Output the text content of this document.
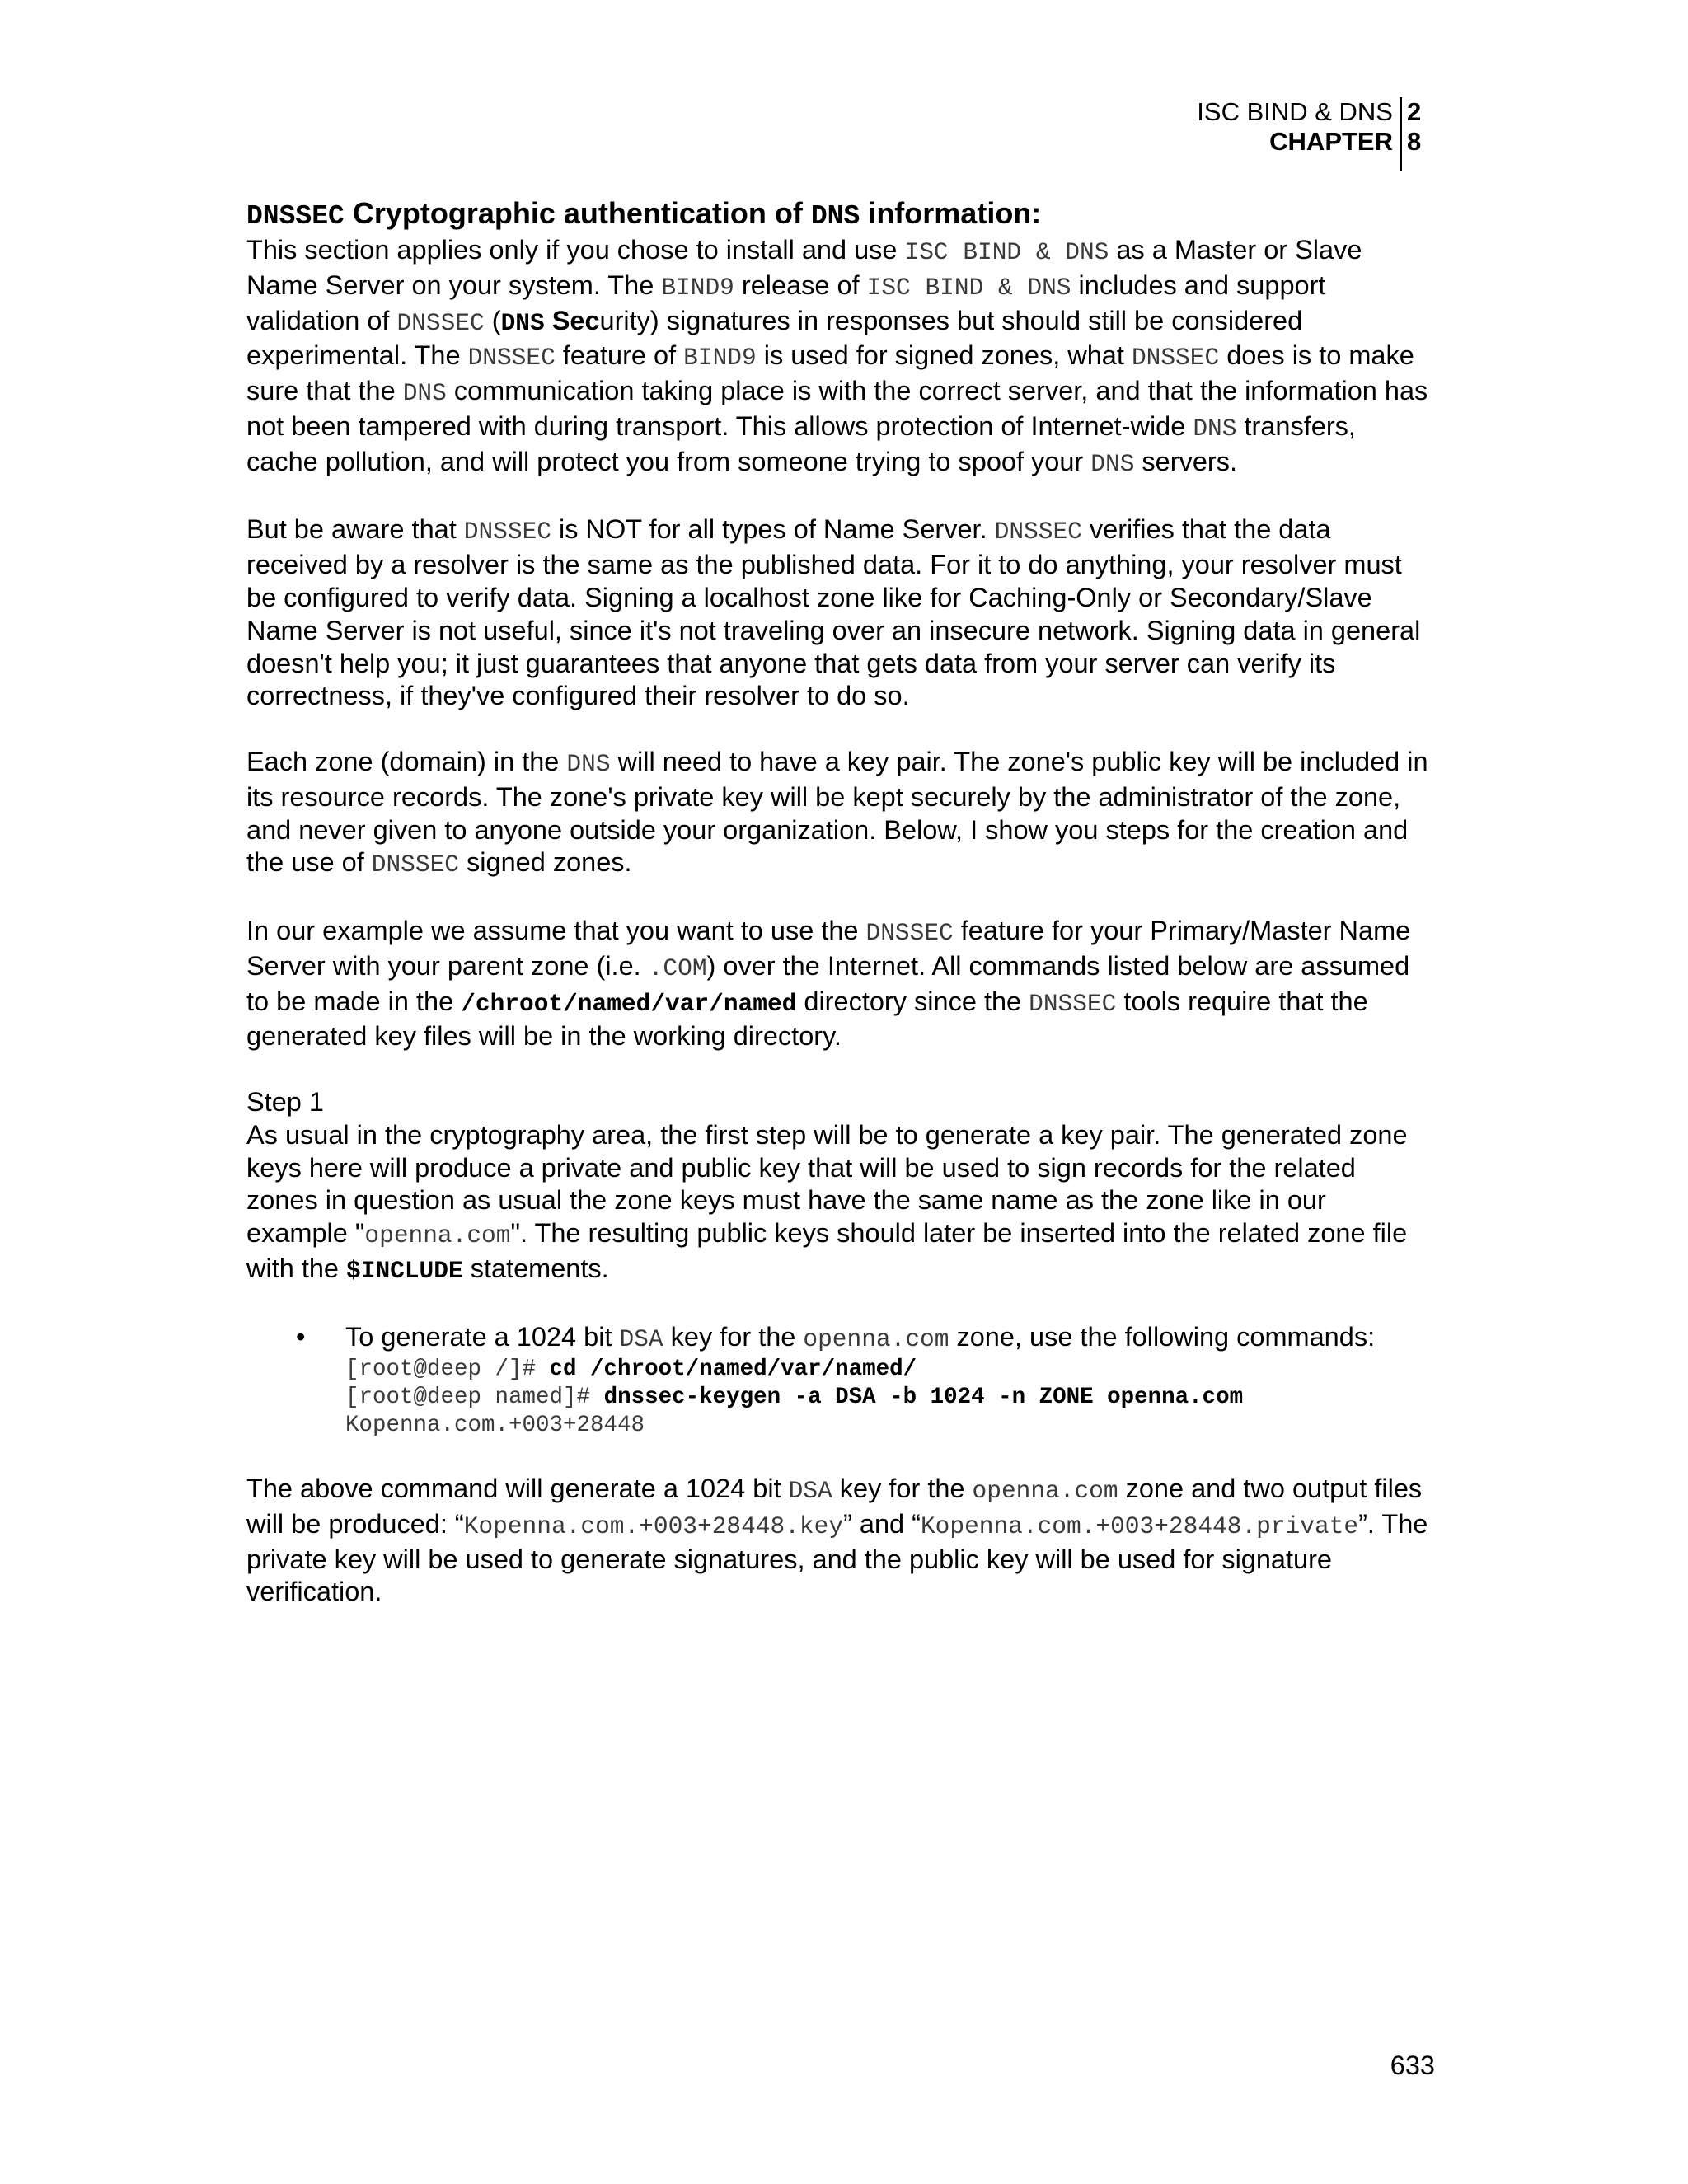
ISC BIND & DNS 2
CHAPTER 8
DNSSEC Cryptographic authentication of DNS information:

This section applies only if you chose to install and use ISC BIND & DNS as a Master or Slave Name Server on your system. The BIND9 release of ISC BIND & DNS includes and support validation of DNSSEC (DNS Security) signatures in responses but should still be considered experimental. The DNSSEC feature of BIND9 is used for signed zones, what DNSSEC does is to make sure that the DNS communication taking place is with the correct server, and that the information has not been tampered with during transport. This allows protection of Internet-wide DNS transfers, cache pollution, and will protect you from someone trying to spoof your DNS servers.

But be aware that DNSSEC is NOT for all types of Name Server. DNSSEC verifies that the data received by a resolver is the same as the published data. For it to do anything, your resolver must be configured to verify data. Signing a localhost zone like for Caching-Only or Secondary/Slave Name Server is not useful, since it's not traveling over an insecure network. Signing data in general doesn't help you; it just guarantees that anyone that gets data from your server can verify its correctness, if they've configured their resolver to do so.

Each zone (domain) in the DNS will need to have a key pair. The zone's public key will be included in its resource records. The zone's private key will be kept securely by the administrator of the zone, and never given to anyone outside your organization. Below, I show you steps for the creation and the use of DNSSEC signed zones.

In our example we assume that you want to use the DNSSEC feature for your Primary/Master Name Server with your parent zone (i.e. .COM) over the Internet. All commands listed below are assumed to be made in the /chroot/named/var/named directory since the DNSSEC tools require that the generated key files will be in the working directory.

Step 1
As usual in the cryptography area, the first step will be to generate a key pair. The generated zone keys here will produce a private and public key that will be used to sign records for the related zones in question as usual the zone keys must have the same name as the zone like in our example "openna.com". The resulting public keys should later be inserted into the related zone file with the $INCLUDE statements.

• To generate a 1024 bit DSA key for the openna.com zone, use the following commands:
[root@deep /]# cd /chroot/named/var/named/
[root@deep named]# dnssec-keygen -a DSA -b 1024 -n ZONE openna.com
Kopenna.com.+003+28448

The above command will generate a 1024 bit DSA key for the openna.com zone and two output files will be produced: “Kopenna.com.+003+28448.key” and “Kopenna.com.+003+28448.private”. The private key will be used to generate signatures, and the public key will be used for signature verification.

633
